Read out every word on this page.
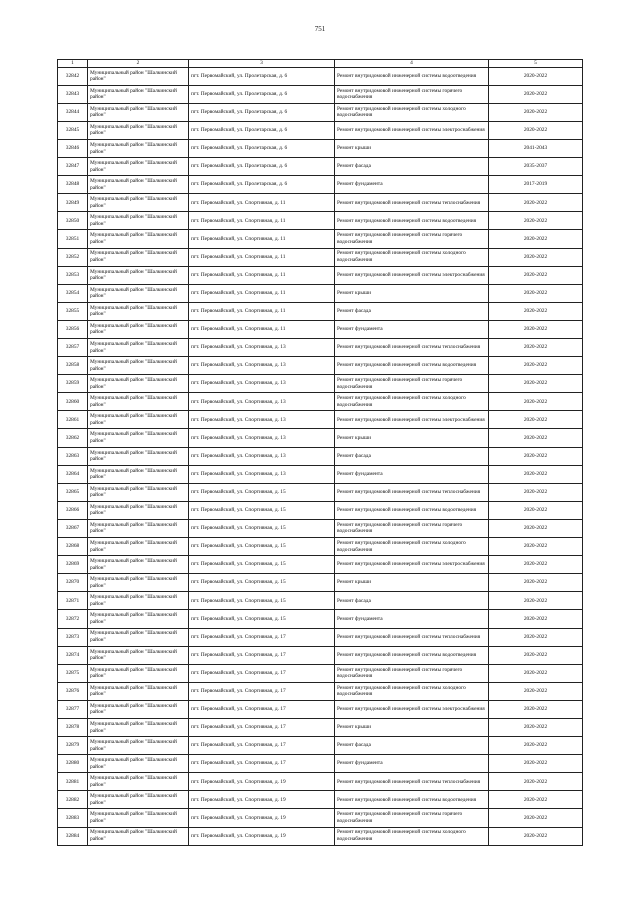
751
1	2	3	4	5
32842	Муниципальный район "Шалкинский район"	пгт. Первомайский, ул. Пролетарская, д. 6	Ремонт внутридомовой инженерной системы водоотведения	2020-2022
32843	Муниципальный район "Шалкинский район"	пгт. Первомайский, ул. Пролетарская, д. 6	Ремонт внутридомовой инженерной системы горячего водоснабжения	2020-2022
32844	Муниципальный район "Шалкинский район"	пгт. Первомайский, ул. Пролетарская, д. 6	Ремонт внутридомовой инженерной системы холодного водоснабжения	2020-2022
32845	Муниципальный район "Шалкинский район"	пгт. Первомайский, ул. Пролетарская, д. 6	Ремонт внутридомовой инженерной системы электроснабжения	2020-2022
32846	Муниципальный район "Шалкинский район"	пгт. Первомайский, ул. Пролетарская, д. 6	Ремонт крыши	2041-2043
32847	Муниципальный район "Шалкинский район"	пгт. Первомайский, ул. Пролетарская, д. 6	Ремонт фасада	2035-2037
32848	Муниципальный район "Шалкинский район"	пгт. Первомайский, ул. Пролетарская, д. 6	Ремонт фундамента	2017-2019
32849	Муниципальный район "Шалкинский район"	пгт. Первомайский, ул. Спортивная, д. 11	Ремонт внутридомовой инженерной системы теплоснабжения	2020-2022
32850	Муниципальный район "Шалкинский район"	пгт. Первомайский, ул. Спортивная, д. 11	Ремонт внутридомовой инженерной системы водоотведения	2020-2022
32851	Муниципальный район "Шалкинский район"	пгт. Первомайский, ул. Спортивная, д. 11	Ремонт внутридомовой инженерной системы горячего водоснабжения	2020-2022
32852	Муниципальный район "Шалкинский район"	пгт. Первомайский, ул. Спортивная, д. 11	Ремонт внутридомовой инженерной системы холодного водоснабжения	2020-2022
32853	Муниципальный район "Шалкинский район"	пгт. Первомайский, ул. Спортивная, д. 11	Ремонт внутридомовой инженерной системы электроснабжения	2020-2022
32854	Муниципальный район "Шалкинский район"	пгт. Первомайский, ул. Спортивная, д. 11	Ремонт крыши	2020-2022
32855	Муниципальный район "Шалкинский район"	пгт. Первомайский, ул. Спортивная, д. 11	Ремонт фасада	2020-2022
32856	Муниципальный район "Шалкинский район"	пгт. Первомайский, ул. Спортивная, д. 11	Ремонт фундамента	2020-2022
32857	Муниципальный район "Шалкинский район"	пгт. Первомайский, ул. Спортивная, д. 13	Ремонт внутридомовой инженерной системы теплоснабжения	2020-2022
32858	Муниципальный район "Шалкинский район"	пгт. Первомайский, ул. Спортивная, д. 13	Ремонт внутридомовой инженерной системы водоотведения	2020-2022
32859	Муниципальный район "Шалкинский район"	пгт. Первомайский, ул. Спортивная, д. 13	Ремонт внутридомовой инженерной системы горячего водоснабжения	2020-2022
32860	Муниципальный район "Шалкинский район"	пгт. Первомайский, ул. Спортивная, д. 13	Ремонт внутридомовой инженерной системы холодного водоснабжения	2020-2022
32861	Муниципальный район "Шалкинский район"	пгт. Первомайский, ул. Спортивная, д. 13	Ремонт внутридомовой инженерной системы электроснабжения	2020-2022
32862	Муниципальный район "Шалкинский район"	пгт. Первомайский, ул. Спортивная, д. 13	Ремонт крыши	2020-2022
32863	Муниципальный район "Шалкинский район"	пгт. Первомайский, ул. Спортивная, д. 13	Ремонт фасада	2020-2022
32864	Муниципальный район "Шалкинский район"	пгт. Первомайский, ул. Спортивная, д. 13	Ремонт фундамента	2020-2022
32865	Муниципальный район "Шалкинский район"	пгт. Первомайский, ул. Спортивная, д. 15	Ремонт внутридомовой инженерной системы теплоснабжения	2020-2022
32866	Муниципальный район "Шалкинский район"	пгт. Первомайский, ул. Спортивная, д. 15	Ремонт внутридомовой инженерной системы водоотведения	2020-2022
32867	Муниципальный район "Шалкинский район"	пгт. Первомайский, ул. Спортивная, д. 15	Ремонт внутридомовой инженерной системы горячего водоснабжения	2020-2022
32868	Муниципальный район "Шалкинский район"	пгт. Первомайский, ул. Спортивная, д. 15	Ремонт внутридомовой инженерной системы холодного водоснабжения	2020-2022
32869	Муниципальный район "Шалкинский район"	пгт. Первомайский, ул. Спортивная, д. 15	Ремонт внутридомовой инженерной системы электроснабжения	2020-2022
32870	Муниципальный район "Шалкинский район"	пгт. Первомайский, ул. Спортивная, д. 15	Ремонт крыши	2020-2022
32871	Муниципальный район "Шалкинский район"	пгт. Первомайский, ул. Спортивная, д. 15	Ремонт фасада	2020-2022
32872	Муниципальный район "Шалкинский район"	пгт. Первомайский, ул. Спортивная, д. 15	Ремонт фундамента	2020-2022
32873	Муниципальный район "Шалкинский район"	пгт. Первомайский, ул. Спортивная, д. 17	Ремонт внутридомовой инженерной системы теплоснабжения	2020-2022
32874	Муниципальный район "Шалкинский район"	пгт. Первомайский, ул. Спортивная, д. 17	Ремонт внутридомовой инженерной системы водоотведения	2020-2022
32875	Муниципальный район "Шалкинский район"	пгт. Первомайский, ул. Спортивная, д. 17	Ремонт внутридомовой инженерной системы горячего водоснабжения	2020-2022
32876	Муниципальный район "Шалкинский район"	пгт. Первомайский, ул. Спортивная, д. 17	Ремонт внутридомовой инженерной системы холодного водоснабжения	2020-2022
32877	Муниципальный район "Шалкинский район"	пгт. Первомайский, ул. Спортивная, д. 17	Ремонт внутридомовой инженерной системы электроснабжения	2020-2022
32878	Муниципальный район "Шалкинский район"	пгт. Первомайский, ул. Спортивная, д. 17	Ремонт крыши	2020-2022
32879	Муниципальный район "Шалкинский район"	пгт. Первомайский, ул. Спортивная, д. 17	Ремонт фасада	2020-2022
32880	Муниципальный район "Шалкинский район"	пгт. Первомайский, ул. Спортивная, д. 17	Ремонт фундамента	2020-2022
32881	Муниципальный район "Шалкинский район"	пгт. Первомайский, ул. Спортивная, д. 19	Ремонт внутридомовой инженерной системы теплоснабжения	2020-2022
32882	Муниципальный район "Шалкинский район"	пгт. Первомайский, ул. Спортивная, д. 19	Ремонт внутридомовой инженерной системы водоотведения	2020-2022
32883	Муниципальный район "Шалкинский район"	пгт. Первомайский, ул. Спортивная, д. 19	Ремонт внутридомовой инженерной системы горячего водоснабжения	2020-2022
32884	Муниципальный район "Шалкинский район"	пгт. Первомайский, ул. Спортивная, д. 19	Ремонт внутридомовой инженерной системы холодного водоснабжения	2020-2022
